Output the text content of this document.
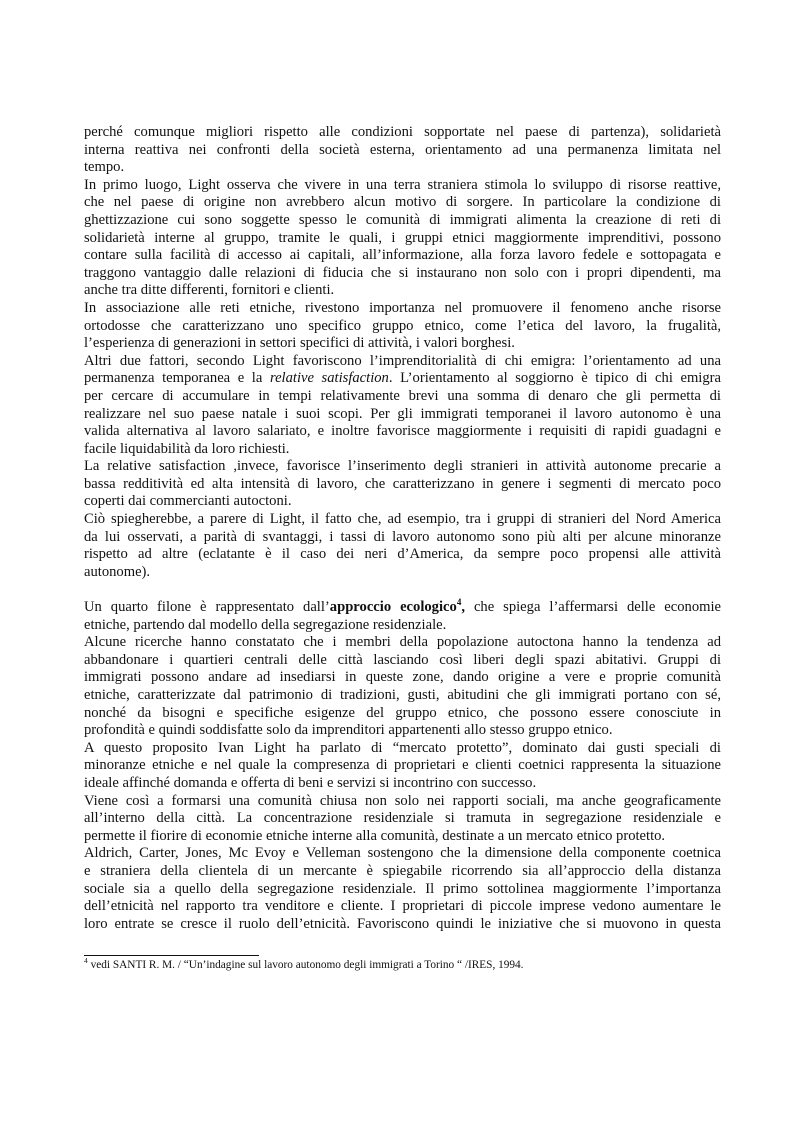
perché comunque migliori rispetto alle condizioni sopportate nel paese di partenza), solidarietà
interna reattiva nei confronti della società esterna, orientamento ad una permanenza limitata nel
tempo.
In primo luogo, Light osserva che vivere in una terra straniera stimola lo sviluppo di risorse reattive,
che nel paese di origine non avrebbero alcun motivo di sorgere. In particolare la condizione di
ghettizzazione cui sono soggette spesso le comunità di immigrati alimenta la creazione di reti di
solidarietà interne al gruppo, tramite le quali, i gruppi etnici maggiormente imprenditivi, possono
contare sulla facilità di accesso ai capitali, all’informazione, alla forza lavoro fedele e sottopagata e
traggono vantaggio dalle relazioni di fiducia che si instaurano non solo con i propri dipendenti, ma
anche tra ditte differenti, fornitori e clienti.
In associazione alle reti etniche, rivestono importanza nel promuovere il fenomeno anche risorse
ortodosse che caratterizzano uno specifico gruppo etnico, come l’etica del lavoro, la frugalità,
l’esperienza di generazioni in settori specifici di attività, i valori borghesi.
Altri due fattori, secondo Light favoriscono l’imprenditorialità di chi emigra: l’orientamento ad una
permanenza temporanea e la relative satisfaction. L’orientamento al soggiorno è tipico di chi emigra
per cercare di accumulare in tempi relativamente brevi una somma di denaro che gli permetta di
realizzare nel suo paese natale i suoi scopi. Per gli immigrati temporanei il lavoro autonomo è una
valida alternativa al lavoro salariato, e inoltre favorisce maggiormente i requisiti di rapidi guadagni e
facile liquidabilità da loro richiesti.
La relative satisfaction ,invece, favorisce l’inserimento degli stranieri in attività autonome precarie a
bassa redditività ed alta intensità di lavoro, che caratterizzano in genere i segmenti di mercato poco
coperti dai commercianti autoctoni.
Ciò spiegherebbe, a parere di Light, il fatto che, ad esempio, tra i gruppi di stranieri del Nord America
da lui osservati, a parità di svantaggi, i tassi di lavoro autonomo sono più alti per alcune minoranze
rispetto ad altre (eclatante è il caso dei neri d’America, da sempre poco propensi alle attività
autonome).
Un quarto filone è rappresentato dall’approccio ecologico$^4$, che spiega l’affermarsi delle economie
etniche, partendo dal modello della segregazione residenziale.
Alcune ricerche hanno constatato che i membri della popolazione autoctona hanno la tendenza ad
abbandonare i quartieri centrali delle città lasciando così liberi degli spazi abitativi. Gruppi di
immigrati possono andare ad insediarsi in queste zone, dando origine a vere e proprie comunità
etniche, caratterizzate dal patrimonio di tradizioni, gusti, abitudini che gli immigrati portano con sé,
nonché da bisogni e specifiche esigenze del gruppo etnico, che possono essere conosciute in
profondità e quindi soddisfatte solo da imprenditori appartenenti allo stesso gruppo etnico.
A questo proposito Ivan Light ha parlato di “mercato protetto”, dominato dai gusti speciali di
minoranze etniche e nel quale la compresenza di proprietari e clienti coetnici rappresenta la situazione
ideale affinché domanda e offerta di beni e servizi si incontrino con successo.
Viene così a formarsi una comunità chiusa non solo nei rapporti sociali, ma anche geograficamente
all’interno della città. La concentrazione residenziale si tramuta in segregazione residenziale e
permette il fiorire di economie etniche interne alla comunità, destinate a un mercato etnico protetto.
Aldrich, Carter, Jones, Mc Evoy e Velleman sostengono che la dimensione della componente coetnica
e straniera della clientela di un mercante è spiegabile ricorrendo sia all’approccio della distanza
sociale sia a quello della segregazione residenziale. Il primo sottolinea maggiormente l’importanza
dell’etnicità nel rapporto tra venditore e cliente. I proprietari di piccole imprese vedono aumentare le
loro entrate se cresce il ruolo dell’etnicità. Favoriscono quindi le iniziative che si muovono in questa
$^4$ vedi SANTI R. M. / “Un’indagine sul lavoro autonomo degli immigrati a Torino “ /IRES, 1994.
